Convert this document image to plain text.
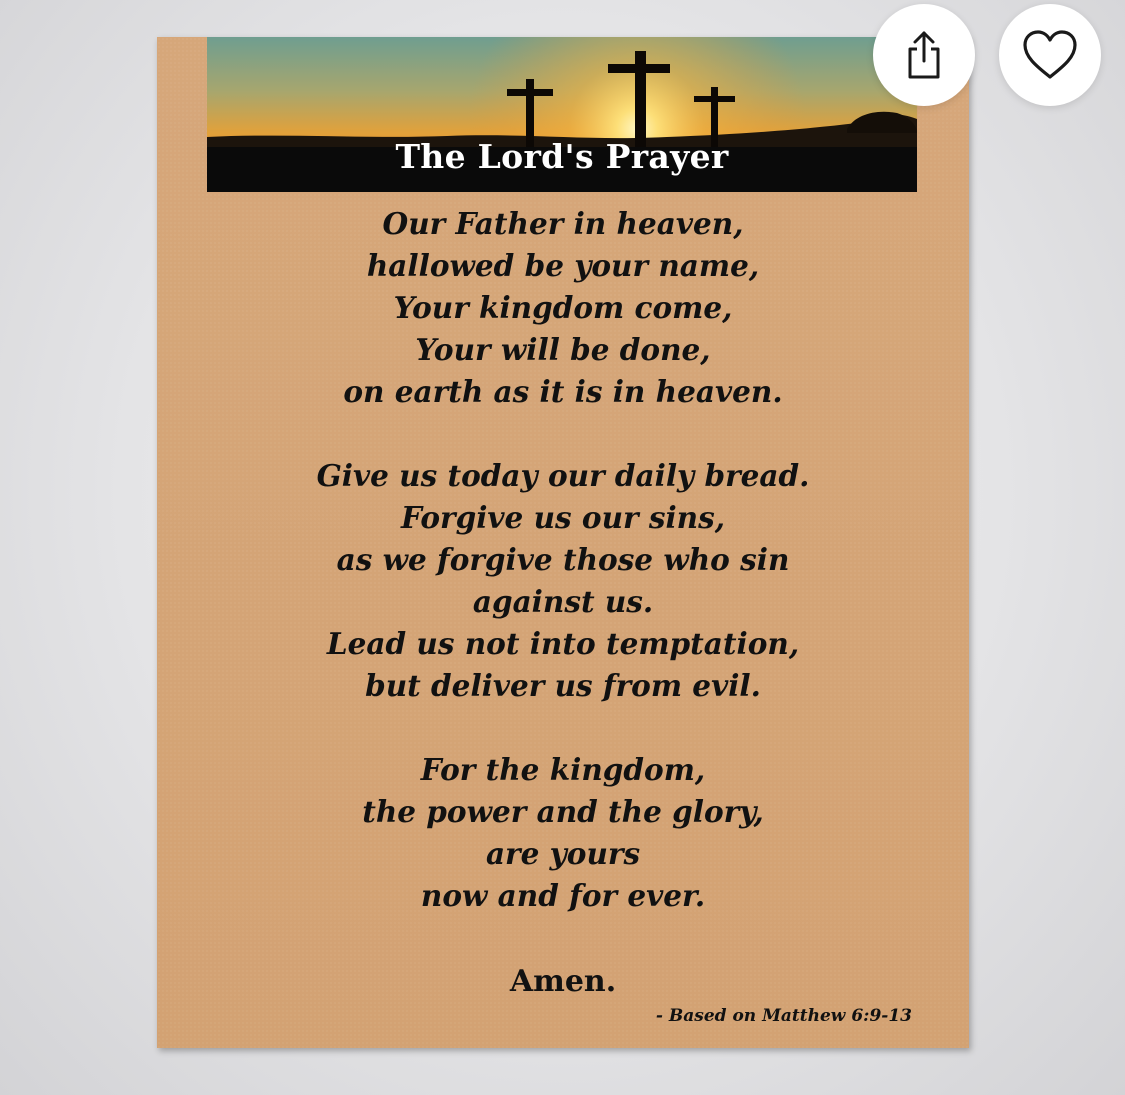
The Lord's Prayer
Our Father in heaven,
hallowed be your name,
Your kingdom come,
Your will be done,
on earth as it is in heaven.
Give us today our daily bread.
Forgive us our sins,
as we forgive those who sin
against us.
Lead us not into temptation,
but deliver us from evil.
For the kingdom,
the power and the glory,
are yours
now and for ever.
Amen.
- Based on Matthew 6:9-13
